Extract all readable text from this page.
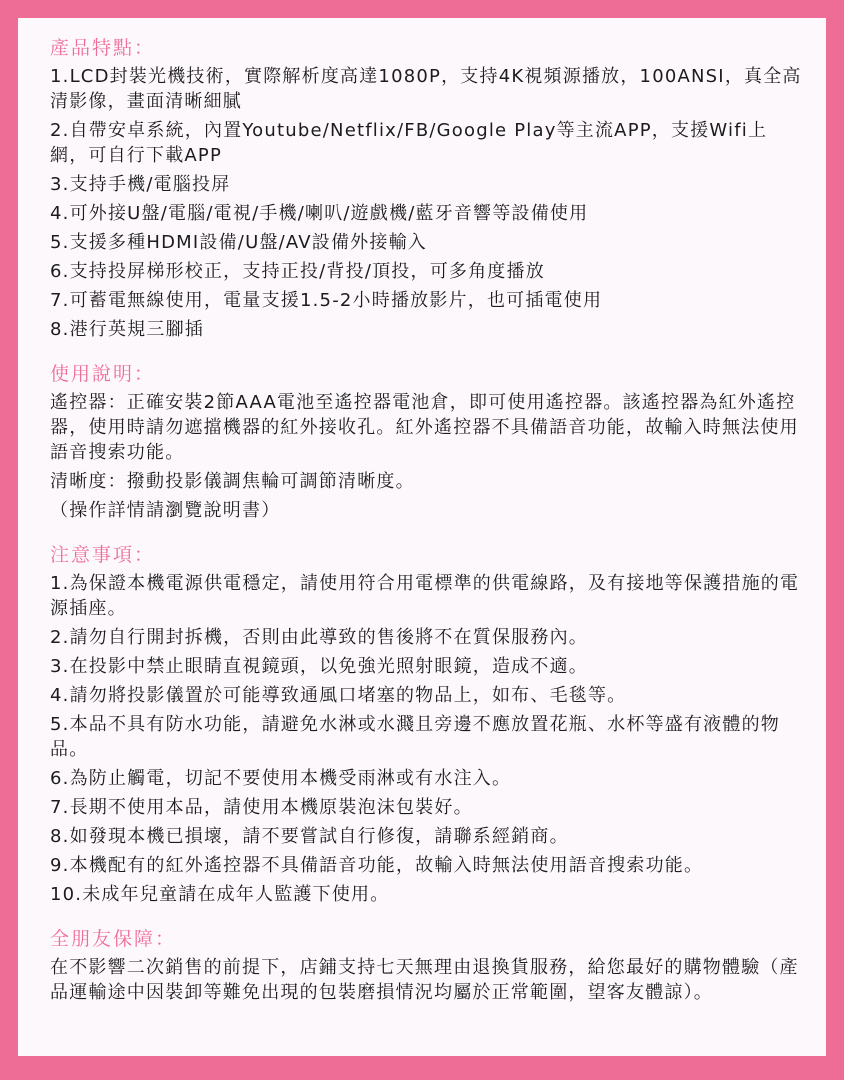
產品特點：
1.LCD封裝光機技術，實際解析度高達1080P，支持4K視頻源播放，100ANSI，真全高清影像，畫面清晰細膩
2.自帶安卓系統，內置Youtube/Netflix/FB/Google Play等主流APP，支援Wifi上網，可自行下載APP
3.支持手機/電腦投屏
4.可外接U盤/電腦/電視/手機/喇叭/遊戲機/藍牙音響等設備使用
5.支援多種HDMI設備/U盤/AV設備外接輸入
6.支持投屏梯形校正，支持正投/背投/頂投，可多角度播放
7.可蓄電無線使用，電量支援1.5-2小時播放影片，也可插電使用
8.港行英規三腳插
使用說明：
遙控器：正確安裝2節AAA電池至遙控器電池倉，即可使用遙控器。該遙控器為紅外遙控器，使用時請勿遮擋機器的紅外接收孔。紅外遙控器不具備語音功能，故輸入時無法使用語音搜索功能。
清晰度：撥動投影儀調焦輪可調節清晰度。
（操作詳情請瀏覽說明書）
注意事項：
1.為保證本機電源供電穩定，請使用符合用電標準的供電線路，及有接地等保護措施的電源插座。
2.請勿自行開封拆機，否則由此導致的售後將不在質保服務內。
3.在投影中禁止眼睛直視鏡頭，以免強光照射眼鏡，造成不適。
4.請勿將投影儀置於可能導致通風口堵塞的物品上，如布、毛毯等。
5.本品不具有防水功能，請避免水淋或水濺且旁邊不應放置花瓶、水杯等盛有液體的物品。
6.為防止觸電，切記不要使用本機受雨淋或有水注入。
7.長期不使用本品，請使用本機原裝泡沫包裝好。
8.如發現本機已損壞，請不要嘗試自行修復，請聯系經銷商。
9.本機配有的紅外遙控器不具備語音功能，故輸入時無法使用語音搜索功能。
10.未成年兒童請在成年人監護下使用。
全朋友保障：
在不影響二次銷售的前提下，店鋪支持七天無理由退換貨服務，給您最好的購物體驗（產品運輸途中因裝卸等難免出現的包裝磨損情況均屬於正常範圍，望客友體諒）。
